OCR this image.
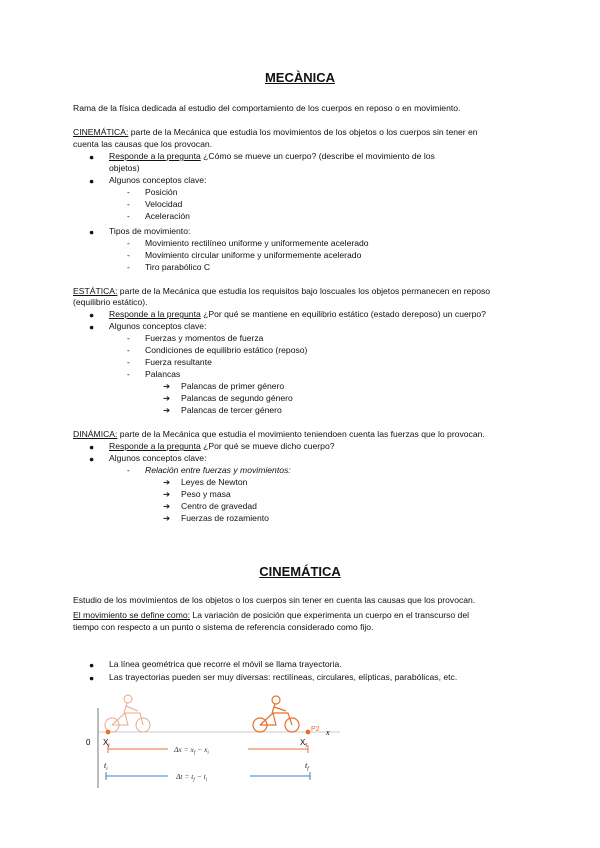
MECÀNICA
Rama de la física dedicada al estudio del comportamiento de los cuerpos en reposo o en movimiento.
CINEMÁTICA: parte de la Mecánica que estudia los movimientos de los objetos o los cuerpos sin tener en
cuenta las causas que los provocan.
● Responde a la pregunta ¿Cómo se mueve un cuerpo? (describe el movimiento de los
objetos)
● Algunos conceptos clave:
- Posición
- Velocidad
- Aceleración
● Tipos de movimiento:
- Movimiento rectilíneo uniforme y uniformemente acelerado
- Movimiento circular uniforme y uniformemente acelerado
- Tiro parabólico C
ESTÁTICA: parte de la Mecánica que estudia los requisitos bajo loscuales los objetos permanecen en reposo
(equilibrio estático).
● Responde a la pregunta ¿Por qué se mantiene en equilibrio estático (estado dereposo) un cuerpo?
● Algunos conceptos clave:
- Fuerzas y momentos de fuerza
- Condiciones de equilibrio estático (reposo)
- Fuerza resultante
- Palancas
➔ Palancas de primer género
➔ Palancas de segundo género
➔ Palancas de tercer género
DINÁMICA: parte de la Mecánica que estudia el movimiento teniendoen cuenta las fuerzas que lo provocan.
● Responde a la pregunta ¿Por qué se mueve dicho cuerpo?
● Algunos conceptos clave:
- Relación entre fuerzas y movimientos:
➔ Leyes de Newton
➔ Peso y masa
➔ Centro de gravedad
➔ Fuerzas de rozamiento
CINEMÁTICA
Estudio de los movimientos de los objetos o los cuerpos sin tener en cuenta las causas que los provocan.
El movimiento se define como: La variación de posición que experimenta un cuerpo en el transcurso del
tiempo con respecto a un punto o sistema de referencia considerado como fijo.
● La línea geométrica que recorre el móvil se llama trayectoria.
● Las trayectorias pueden ser muy diversas: rectilíneas, circulares, elípticas, parabólicas, etc.
0
x
P2
$X_i$	$X_f$
$\Delta x = x_f - x_i$
$t_i$	$t_f$
$\Delta t = t_f - t_i$
